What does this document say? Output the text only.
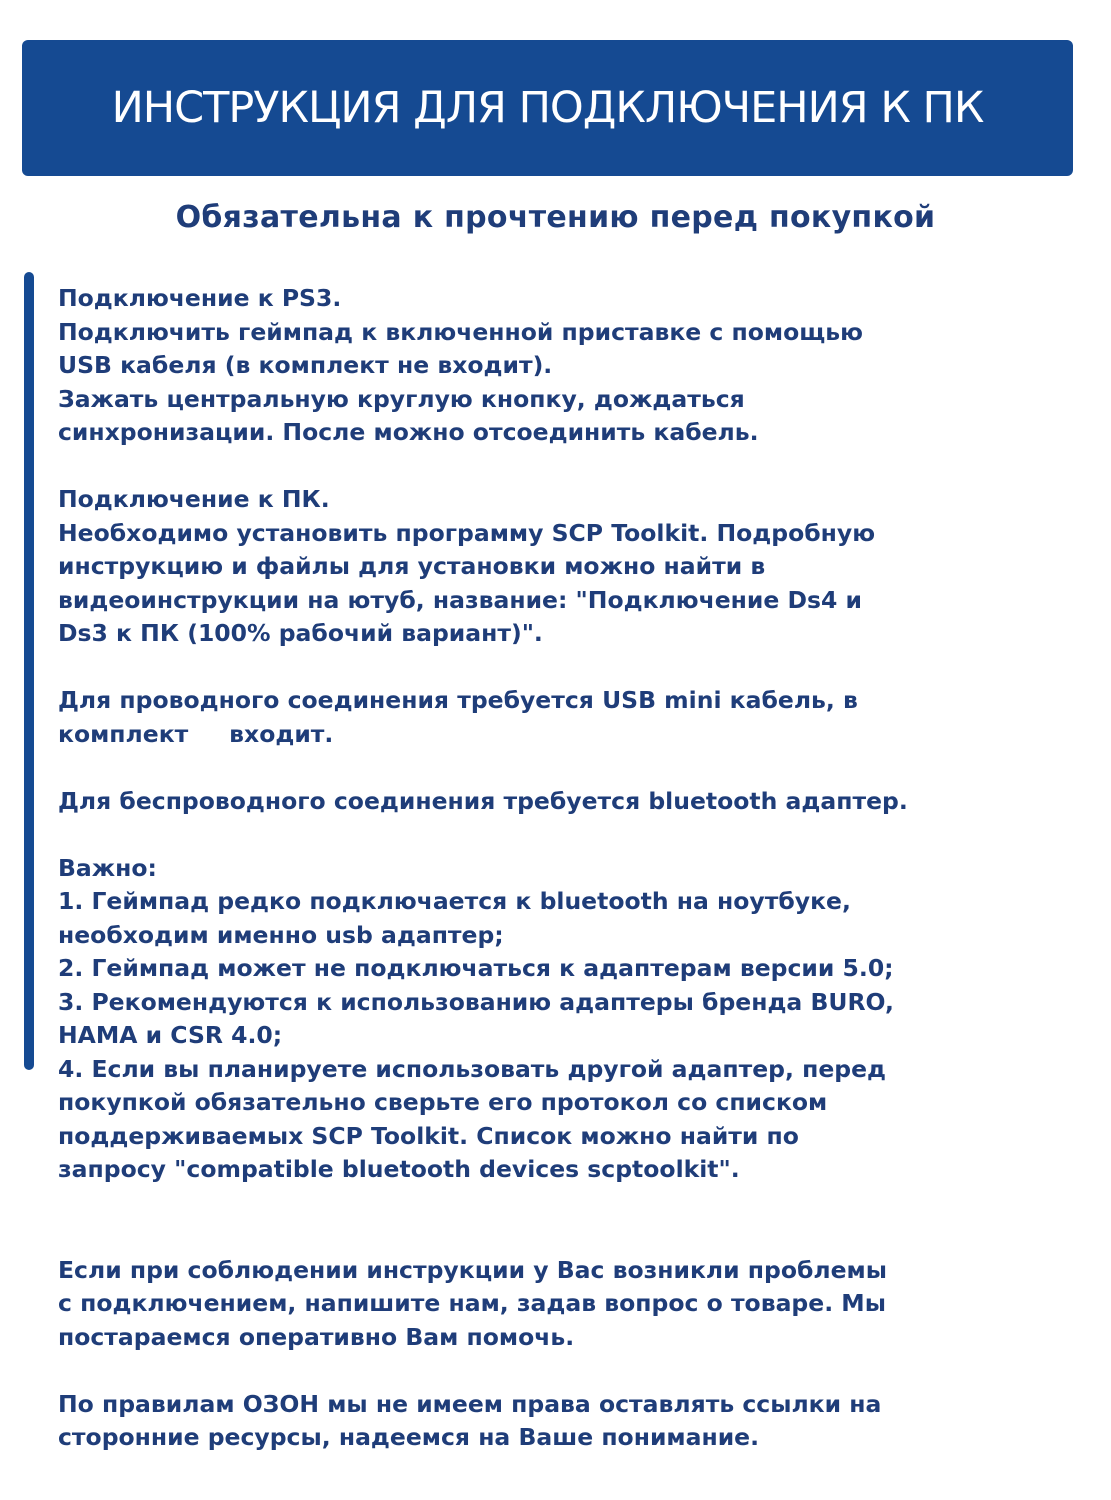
ИНСТРУКЦИЯ ДЛЯ ПОДКЛЮЧЕНИЯ К ПК
Обязательна к прочтению перед покупкой

Подключение к PS3.

Подключить геймпад к включенной приставке с помощью

USB кабеля (в комплект не входит).

Зажать центральную круглую кнопку, дождаться

синхронизации. После можно отсоединить кабель.

Подключение к ПК.

Необходимо установить программу SCP Toolkit. Подробную

инструкцию и файлы для установки можно найти в

видеоинструкции на ютуб, название: "Подключение Ds4 и

Ds3 к ПК (100% рабочий вариант)".

Для проводного соединения требуется USB mini кабель, в

комплект     входит.

Для беспроводного соединения требуется bluetooth адаптер.

Важно:

1. Геймпад редко подключается к bluetooth на ноутбуке,

необходим именно usb адаптер;

2. Геймпад может не подключаться к адаптерам версии 5.0;

3. Рекомендуются к использованию адаптеры бренда BURO,

HAMA и CSR 4.0;

4. Если вы планируете использовать другой адаптер, перед

покупкой обязательно сверьте его протокол со списком

поддерживаемых SCP Toolkit. Список можно найти по

запросу "compatible bluetooth devices scptoolkit".

Если при соблюдении инструкции у Вас возникли проблемы

с подключением, напишите нам, задав вопрос о товаре. Мы

постараемся оперативно Вам помочь.

По правилам ОЗОН мы не имеем права оставлять ссылки на

сторонние ресурсы, надеемся на Ваше понимание.
